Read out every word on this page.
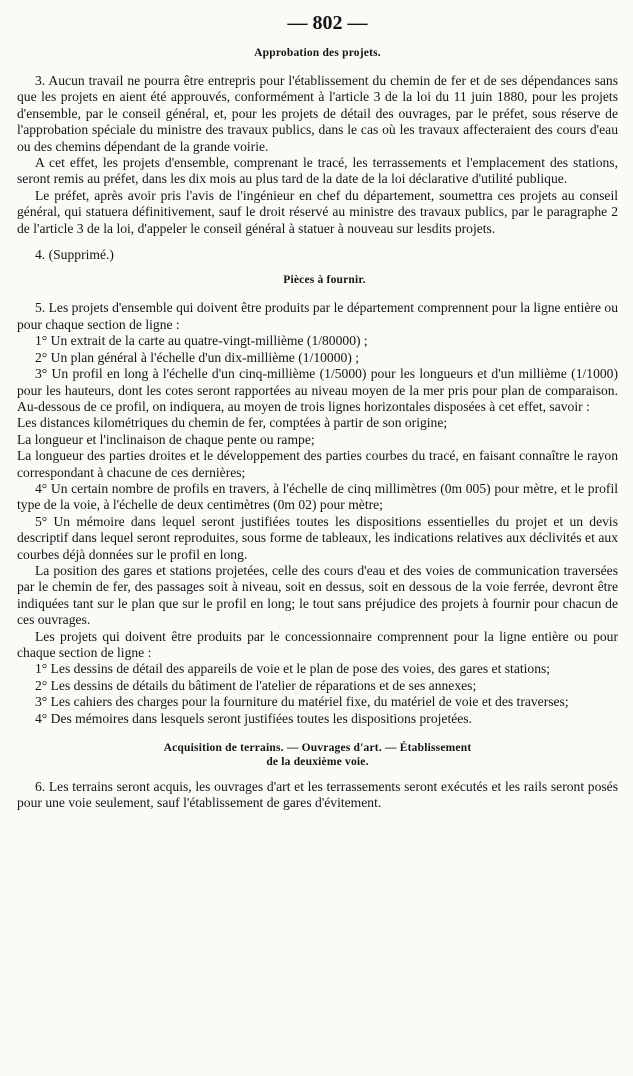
— 802 —
Approbation des projets.

3. Aucun travail ne pourra être entrepris pour l'établissement du chemin de fer et de ses dépendances sans que les projets en aient été approuvés, conformément à l'article 3 de la loi du 11 juin 1880, pour les projets d'ensemble, par le conseil général, et, pour les projets de détail des ouvrages, par le préfet, sous réserve de l'approbation spéciale du ministre des travaux publics, dans le cas où les travaux affecteraient des cours d'eau ou des chemins dépendant de la grande voirie.

A cet effet, les projets d'ensemble, comprenant le tracé, les terrassements et l'emplacement des stations, seront remis au préfet, dans les dix mois au plus tard de la date de la loi déclarative d'utilité publique.

Le préfet, après avoir pris l'avis de l'ingénieur en chef du département, soumettra ces projets au conseil général, qui statuera définitivement, sauf le droit réservé au ministre des travaux publics, par le paragraphe 2 de l'article 3 de la loi, d'appeler le conseil général à statuer à nouveau sur lesdits projets.

4. (Supprimé.)

Pièces à fournir.

5. Les projets d'ensemble qui doivent être produits par le département comprennent pour la ligne entière ou pour chaque section de ligne :

1° Un extrait de la carte au quatre-vingt-millième (1/80000) ;

2° Un plan général à l'échelle d'un dix-millième (1/10000) ;

3° Un profil en long à l'échelle d'un cinq-millième (1/5000) pour les longueurs et d'un millième (1/1000) pour les hauteurs, dont les cotes seront rapportées au niveau moyen de la mer pris pour plan de comparaison. Au-dessous de ce profil, on indiquera, au moyen de trois lignes horizontales disposées à cet effet, savoir :

Les distances kilométriques du chemin de fer, comptées à partir de son origine;

La longueur et l'inclinaison de chaque pente ou rampe;

La longueur des parties droites et le développement des parties courbes du tracé, en faisant connaître le rayon correspondant à chacune de ces dernières;

4° Un certain nombre de profils en travers, à l'échelle de cinq millimètres (0m 005) pour mètre, et le profil type de la voie, à l'échelle de deux centimètres (0m 02) pour mètre;

5° Un mémoire dans lequel seront justifiées toutes les dispositions essentielles du projet et un devis descriptif dans lequel seront reproduites, sous forme de tableaux, les indications relatives aux déclivités et aux courbes déjà données sur le profil en long.

La position des gares et stations projetées, celle des cours d'eau et des voies de communication traversées par le chemin de fer, des passages soit à niveau, soit en dessus, soit en dessous de la voie ferrée, devront être indiquées tant sur le plan que sur le profil en long; le tout sans préjudice des projets à fournir pour chacun de ces ouvrages.

Les projets qui doivent être produits par le concessionnaire comprennent pour la ligne entière ou pour chaque section de ligne :

1° Les dessins de détail des appareils de voie et le plan de pose des voies, des gares et stations;

2° Les dessins de détails du bâtiment de l'atelier de réparations et de ses annexes;

3° Les cahiers des charges pour la fourniture du matériel fixe, du matériel de voie et des traverses;

4° Des mémoires dans lesquels seront justifiées toutes les dispositions projetées.

Acquisition de terrains. — Ouvrages d'art. — Établissement
de la deuxième voie.

6. Les terrains seront acquis, les ouvrages d'art et les terrassements seront exécutés et les rails seront posés pour une voie seulement, sauf l'établissement de gares d'évitement.
